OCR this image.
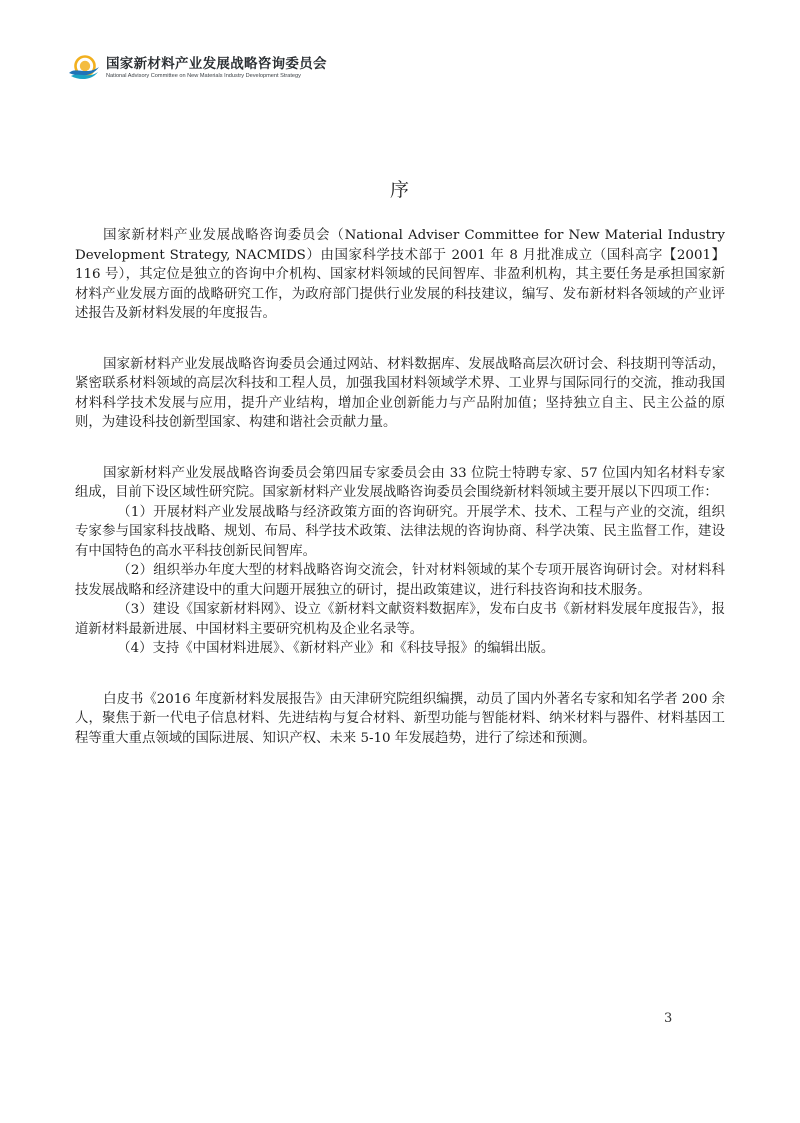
国家新材料产业发展战略咨询委员会
National Advisory Committee on New Materials Industry Development Strategy
序

国家新材料产业发展战略咨询委员会（National Adviser Committee for New Material Industry Development Strategy, NACMIDS）由国家科学技术部于 2001 年 8 月批准成立（国科高字【2001】116 号），其定位是独立的咨询中介机构、国家材料领域的民间智库、非盈利机构，其主要任务是承担国家新材料产业发展方面的战略研究工作，为政府部门提供行业发展的科技建议，编写、发布新材料各领域的产业评述报告及新材料发展的年度报告。

国家新材料产业发展战略咨询委员会通过网站、材料数据库、发展战略高层次研讨会、科技期刊等活动，紧密联系材料领域的高层次科技和工程人员，加强我国材料领域学术界、工业界与国际同行的交流，推动我国材料科学技术发展与应用，提升产业结构，增加企业创新能力与产品附加值；坚持独立自主、民主公益的原则，为建设科技创新型国家、构建和谐社会贡献力量。

国家新材料产业发展战略咨询委员会第四届专家委员会由 33 位院士特聘专家、57 位国内知名材料专家组成，目前下设区域性研究院。国家新材料产业发展战略咨询委员会围绕新材料领域主要开展以下四项工作：

（1）开展材料产业发展战略与经济政策方面的咨询研究。开展学术、技术、工程与产业的交流，组织专家参与国家科技战略、规划、布局、科学技术政策、法律法规的咨询协商、科学决策、民主监督工作，建设有中国特色的高水平科技创新民间智库。

（2）组织举办年度大型的材料战略咨询交流会，针对材料领域的某个专项开展咨询研讨会。对材料科技发展战略和经济建设中的重大问题开展独立的研讨，提出政策建议，进行科技咨询和技术服务。

（3）建设《国家新材料网》、设立《新材料文献资料数据库》，发布白皮书《新材料发展年度报告》，报道新材料最新进展、中国材料主要研究机构及企业名录等。

（4）支持《中国材料进展》、《新材料产业》和《科技导报》的编辑出版。

白皮书《2016 年度新材料发展报告》由天津研究院组织编撰，动员了国内外著名专家和知名学者 200 余人，聚焦于新一代电子信息材料、先进结构与复合材料、新型功能与智能材料、纳米材料与器件、材料基因工程等重大重点领域的国际进展、知识产权、未来 5-10 年发展趋势，进行了综述和预测。

3
